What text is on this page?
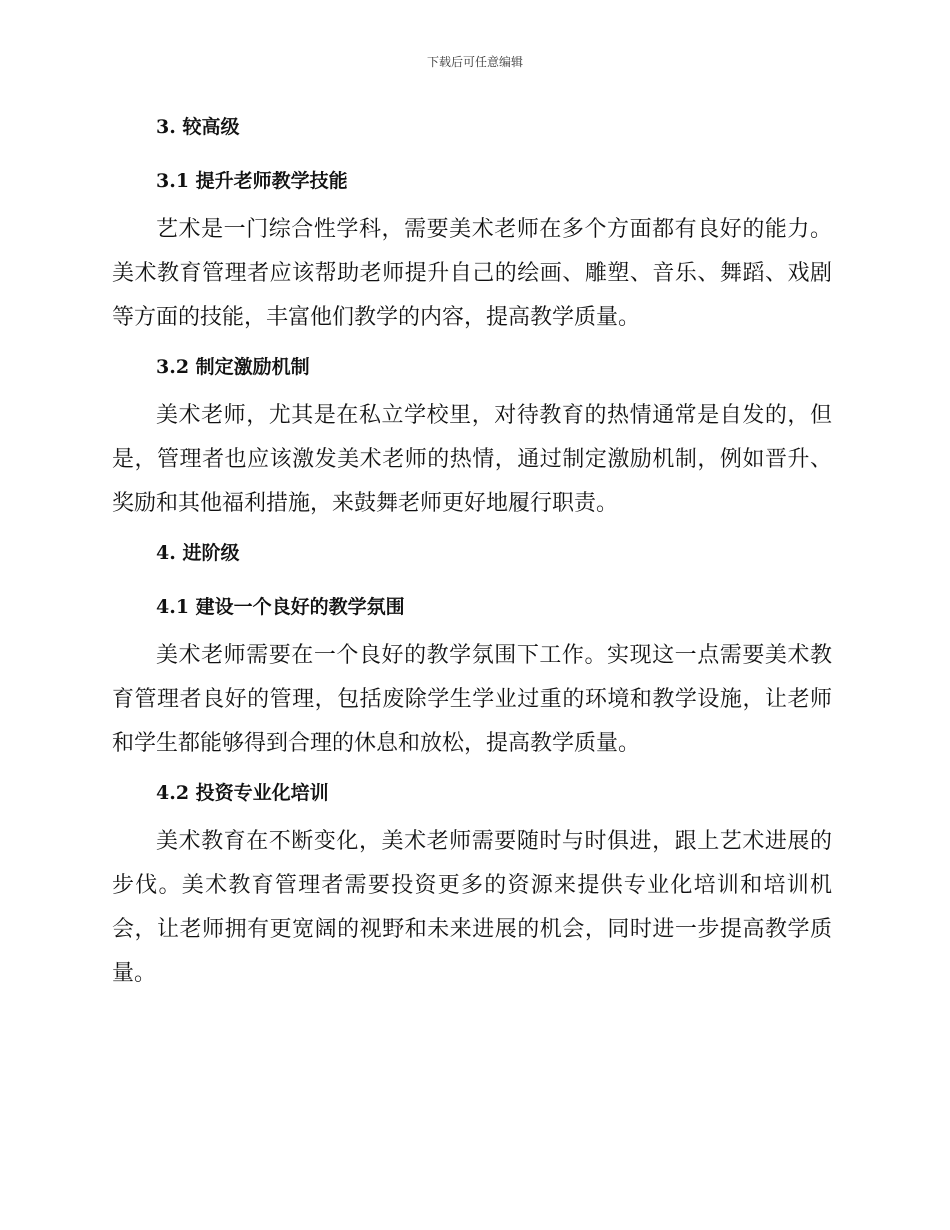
下载后可任意编辑
3. 较高级
3.1 提升老师教学技能

艺术是一门综合性学科，需要美术老师在多个方面都有良好的能力。美术教育管理者应该帮助老师提升自己的绘画、雕塑、音乐、舞蹈、戏剧等方面的技能，丰富他们教学的内容，提高教学质量。

3.2 制定激励机制

美术老师，尤其是在私立学校里，对待教育的热情通常是自发的，但是，管理者也应该激发美术老师的热情，通过制定激励机制，例如晋升、奖励和其他福利措施，来鼓舞老师更好地履行职责。

4. 进阶级
4.1 建设一个良好的教学氛围

美术老师需要在一个良好的教学氛围下工作。实现这一点需要美术教育管理者良好的管理，包括废除学生学业过重的环境和教学设施，让老师和学生都能够得到合理的休息和放松，提高教学质量。

4.2 投资专业化培训

美术教育在不断变化，美术老师需要随时与时俱进，跟上艺术进展的步伐。美术教育管理者需要投资更多的资源来提供专业化培训和培训机会，让老师拥有更宽阔的视野和未来进展的机会，同时进一步提高教学质量。
